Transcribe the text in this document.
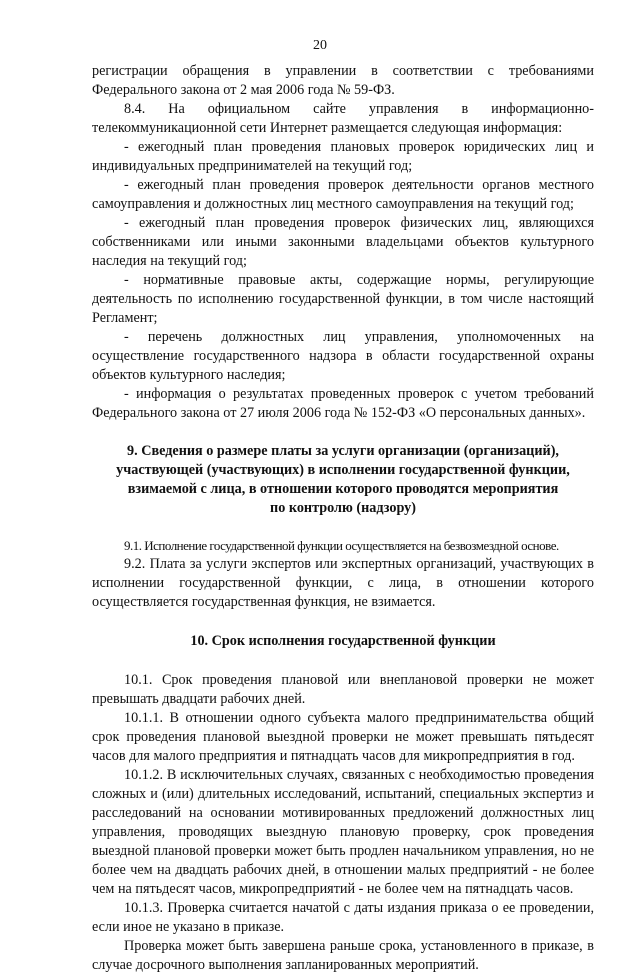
20

регистрации обращения в управлении в соответствии с требованиями Федерального закона от 2 мая 2006 года № 59-ФЗ.

8.4. На официальном сайте управления в информационно-телекоммуникационной сети Интернет размещается следующая информация:

- ежегодный план проведения плановых проверок юридических лиц и индивидуальных предпринимателей на текущий год;

- ежегодный план проведения проверок деятельности органов местного самоуправления и должностных лиц местного самоуправления на текущий год;

- ежегодный план проведения проверок физических лиц, являющихся собственниками или иными законными владельцами объектов культурного наследия на текущий год;

- нормативные правовые акты, содержащие нормы, регулирующие деятельность по исполнению государственной функции, в том числе настоящий Регламент;

- перечень должностных лиц управления, уполномоченных на осуществление государственного надзора в области государственной охраны объектов культурного наследия;

- информация о результатах проведенных проверок с учетом требований Федерального закона от 27 июля 2006 года № 152-ФЗ «О персональных данных».

9. Сведения о размере платы за услуги организации (организаций),
участвующей (участвующих) в исполнении государственной функции,
взимаемой с лица, в отношении которого проводятся мероприятия
по контролю (надзору)

9.1. Исполнение государственной функции осуществляется на безвозмездной основе.

9.2. Плата за услуги экспертов или экспертных организаций, участвующих в исполнении государственной функции, с лица, в отношении которого осуществляется государственная функция, не взимается.

10. Срок исполнения государственной функции

10.1. Срок проведения плановой или внеплановой проверки не может превышать двадцати рабочих дней.

10.1.1. В отношении одного субъекта малого предпринимательства общий срок проведения плановой выездной проверки не может превышать пятьдесят часов для малого предприятия и пятнадцать часов для микропредприятия в год.

10.1.2. В исключительных случаях, связанных с необходимостью проведения сложных и (или) длительных исследований, испытаний, специальных экспертиз и расследований на основании мотивированных предложений должностных лиц управления, проводящих выездную плановую проверку, срок проведения выездной плановой проверки может быть продлен начальником управления, но не более чем на двадцать рабочих дней, в отношении малых предприятий - не более чем на пятьдесят часов, микропредприятий - не более чем на пятнадцать часов.

10.1.3. Проверка считается начатой с даты издания приказа о ее проведении, если иное не указано в приказе.

Проверка может быть завершена раньше срока, установленного в приказе, в случае досрочного выполнения запланированных мероприятий.
